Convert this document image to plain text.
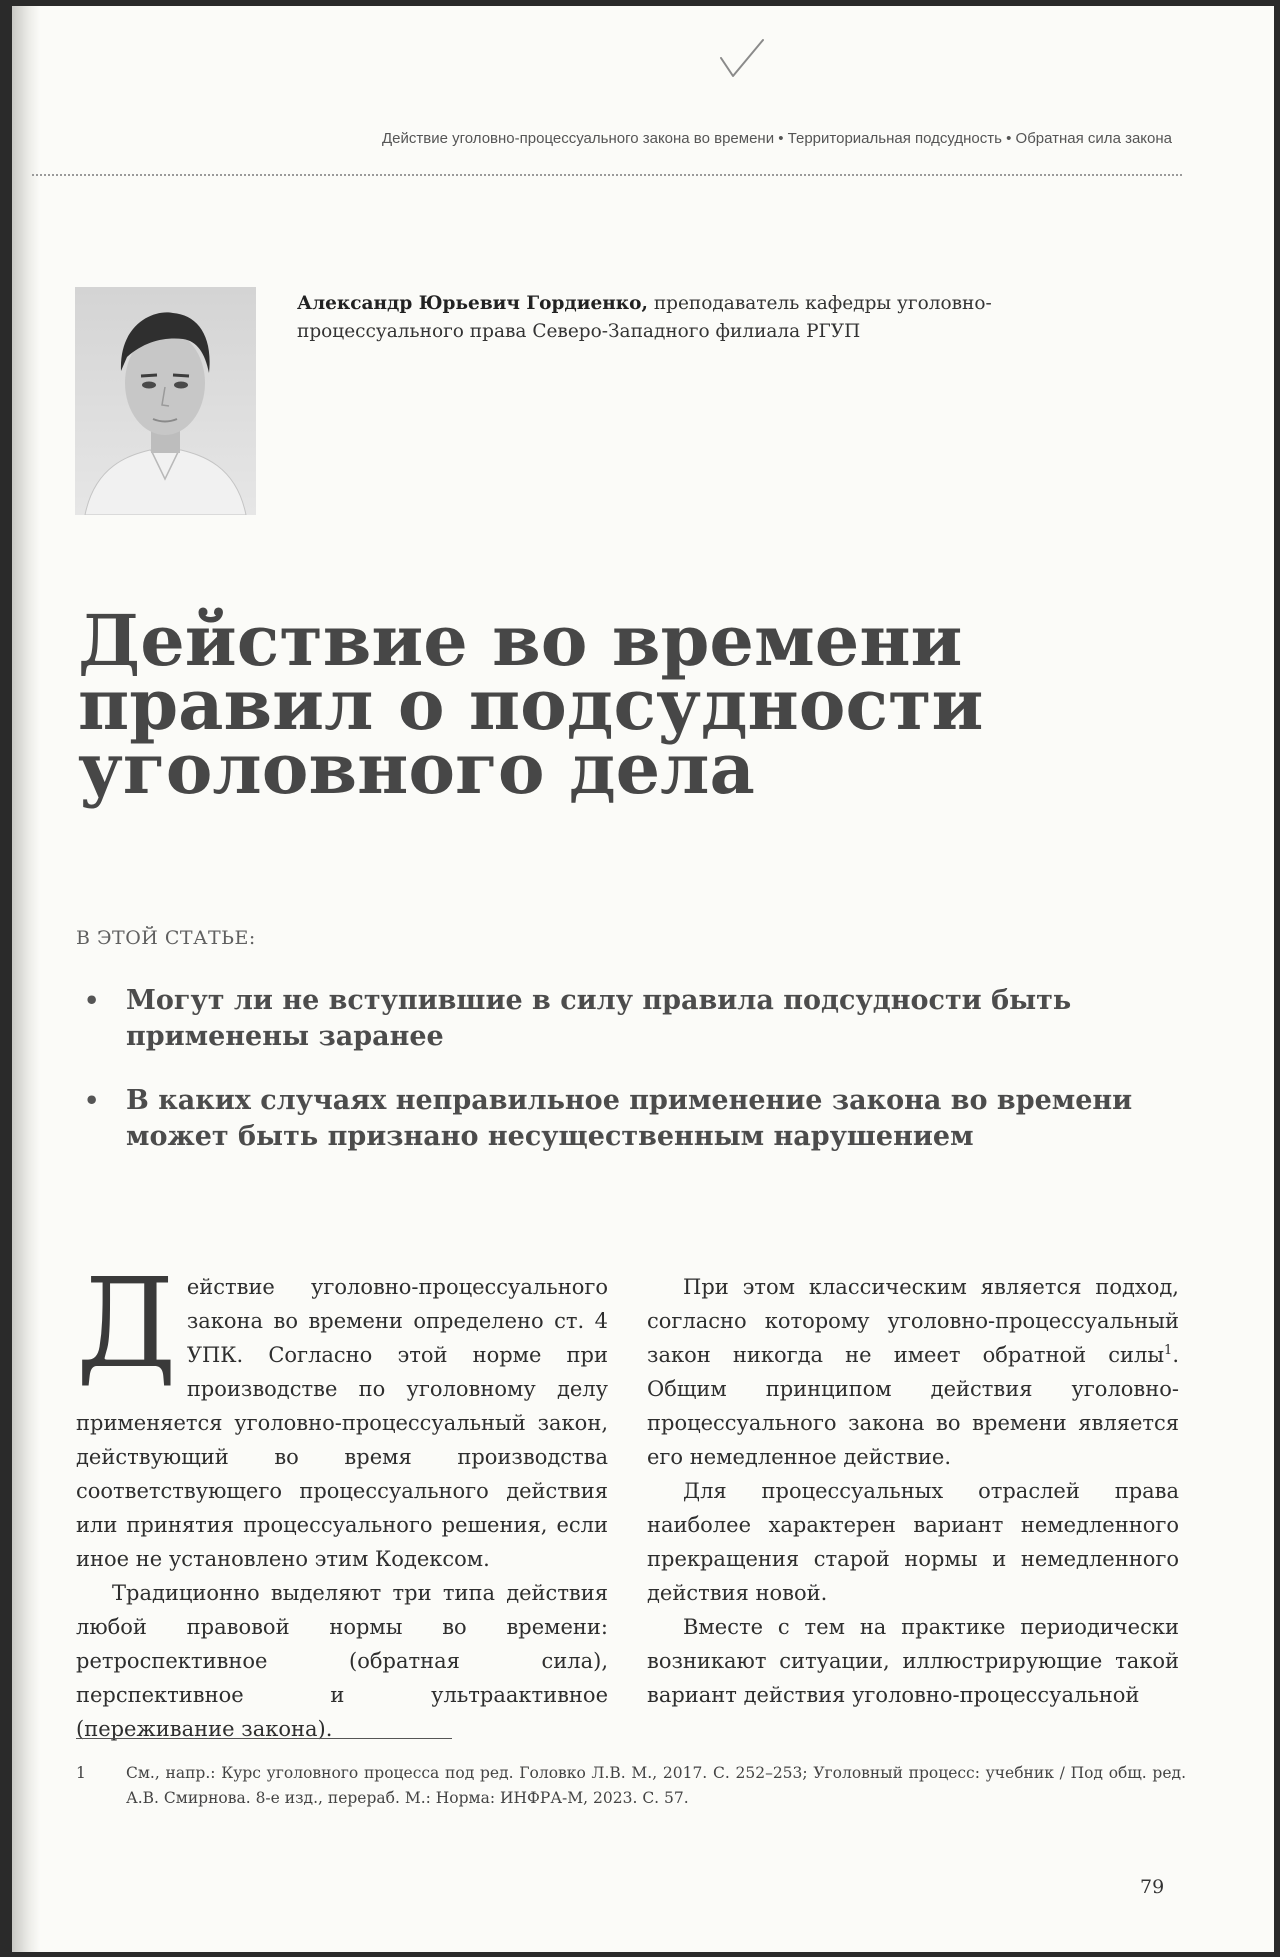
Действие уголовно-процессуального закона во времени • Территориальная подсудность • Обратная сила закона
Александр Юрьевич Гордиенко, преподаватель кафедры уголовно-процессуального права Северо-Западного филиала РГУП
Действие во времени
правил о подсудности
уголовного дела
В ЭТОЙ СТАТЬЕ:
• Могут ли не вступившие в силу правила подсудности быть применены заранее
• В каких случаях неправильное применение закона во времени может быть признано несущественным нарушением

Действие уголовно-процессуального закона во времени определено ст. 4 УПК. Согласно этой норме при производстве по уголовному делу применяется уголовно-процессуальный закон, действующий во время производства соответствующего процессуального действия или принятия процессуального решения, если иное не установлено этим Кодексом.

Традиционно выделяют три типа действия любой правовой нормы во времени: ретроспективное (обратная сила), перспективное и ультраактивное (переживание закона).

При этом классическим является подход, согласно которому уголовно-процессуальный закон никогда не имеет обратной силы$^1$. Общим принципом действия уголовно-процессуального закона во времени является его немедленное действие.

Для процессуальных отраслей права наиболее характерен вариант немедленного прекращения старой нормы и немедленного действия новой.

Вместе с тем на практике периодически возникают ситуации, иллюстрирующие такой вариант действия уголовно-процессуальной

1	См., напр.: Курс уголовного процесса под ред. Головко Л.В. М., 2017. С. 252–253; Уголовный процесс: учебник / Под общ. ред. А.В. Смирнова. 8-е изд., перераб. М.: Норма: ИНФРА-М, 2023. С. 57.
79
